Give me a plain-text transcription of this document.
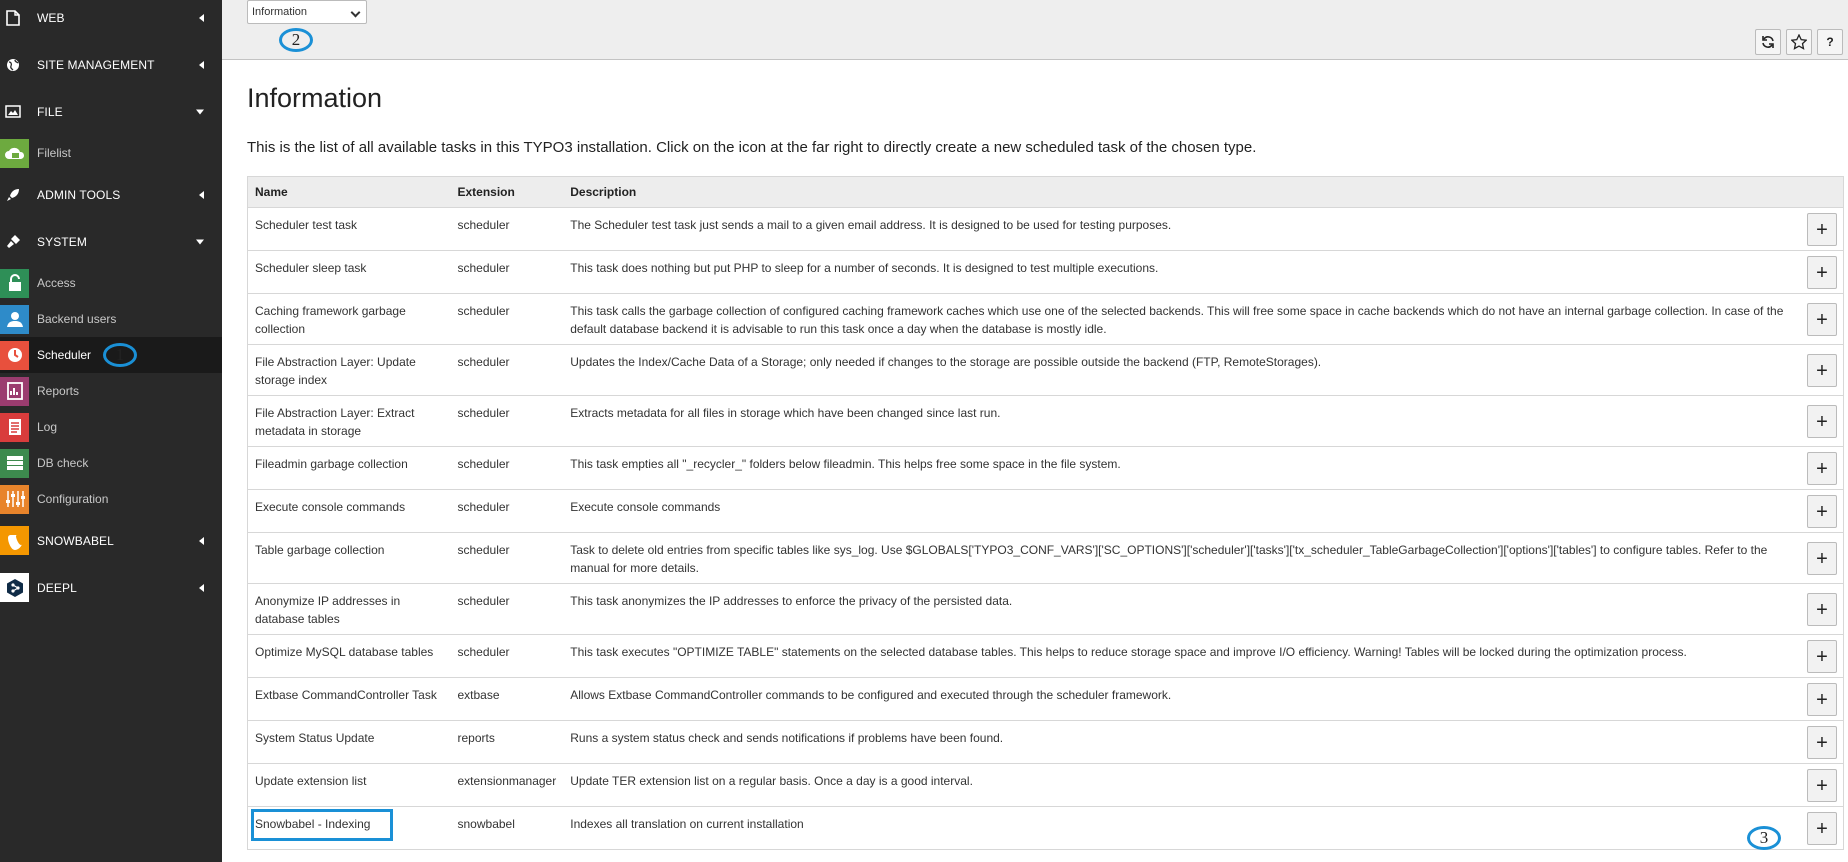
WEB
SITE MANAGEMENT
FILE
Filelist
ADMIN TOOLS
SYSTEM
Access
Backend users
Scheduler	1
Reports
Log
DB check
Configuration
SNOWBABEL
DEEPL
Information
2	?
Information

This is the list of all available tasks in this TYPO3 installation. Click on the icon at the far right to directly create a new scheduled task of the chosen type.

Name	Extension	Description	
Scheduler test task	scheduler	The Scheduler test task just sends a mail to a given email address. It is designed to be used for testing purposes.	+
Scheduler sleep task	scheduler	This task does nothing but put PHP to sleep for a number of seconds. It is designed to test multiple executions.	+
Caching framework garbage collection	scheduler	This task calls the garbage collection of configured caching framework caches which use one of the selected backends. This will free some space in cache backends which do not have an internal garbage collection. In case of the default database backend it is advisable to run this task once a day when the database is mostly idle.	+
File Abstraction Layer: Update storage index	scheduler	Updates the Index/Cache Data of a Storage; only needed if changes to the storage are possible outside the backend (FTP, RemoteStorages).	+
File Abstraction Layer: Extract metadata in storage	scheduler	Extracts metadata for all files in storage which have been changed since last run.	+
Fileadmin garbage collection	scheduler	This task empties all "_recycler_" folders below fileadmin. This helps free some space in the file system.	+
Execute console commands	scheduler	Execute console commands	+
Table garbage collection	scheduler	Task to delete old entries from specific tables like sys_log. Use $GLOBALS['TYPO3_CONF_VARS']['SC_OPTIONS']['scheduler']['tasks']['tx_scheduler_TableGarbageCollection']['options']['tables'] to configure tables. Refer to the manual for more details.	+
Anonymize IP addresses in database tables	scheduler	This task anonymizes the IP addresses to enforce the privacy of the persisted data.	+
Optimize MySQL database tables	scheduler	This task executes "OPTIMIZE TABLE" statements on the selected database tables. This helps to reduce storage space and improve I/O efficiency. Warning! Tables will be locked during the optimization process.	+
Extbase CommandController Task	extbase	Allows Extbase CommandController commands to be configured and executed through the scheduler framework.	+
System Status Update	reports	Runs a system status check and sends notifications if problems have been found.	+
Update extension list	extensionmanager	Update TER extension list on a regular basis. Once a day is a good interval.	+
Snowbabel - Indexing	snowbabel	Indexes all translation on current installation	+
3
